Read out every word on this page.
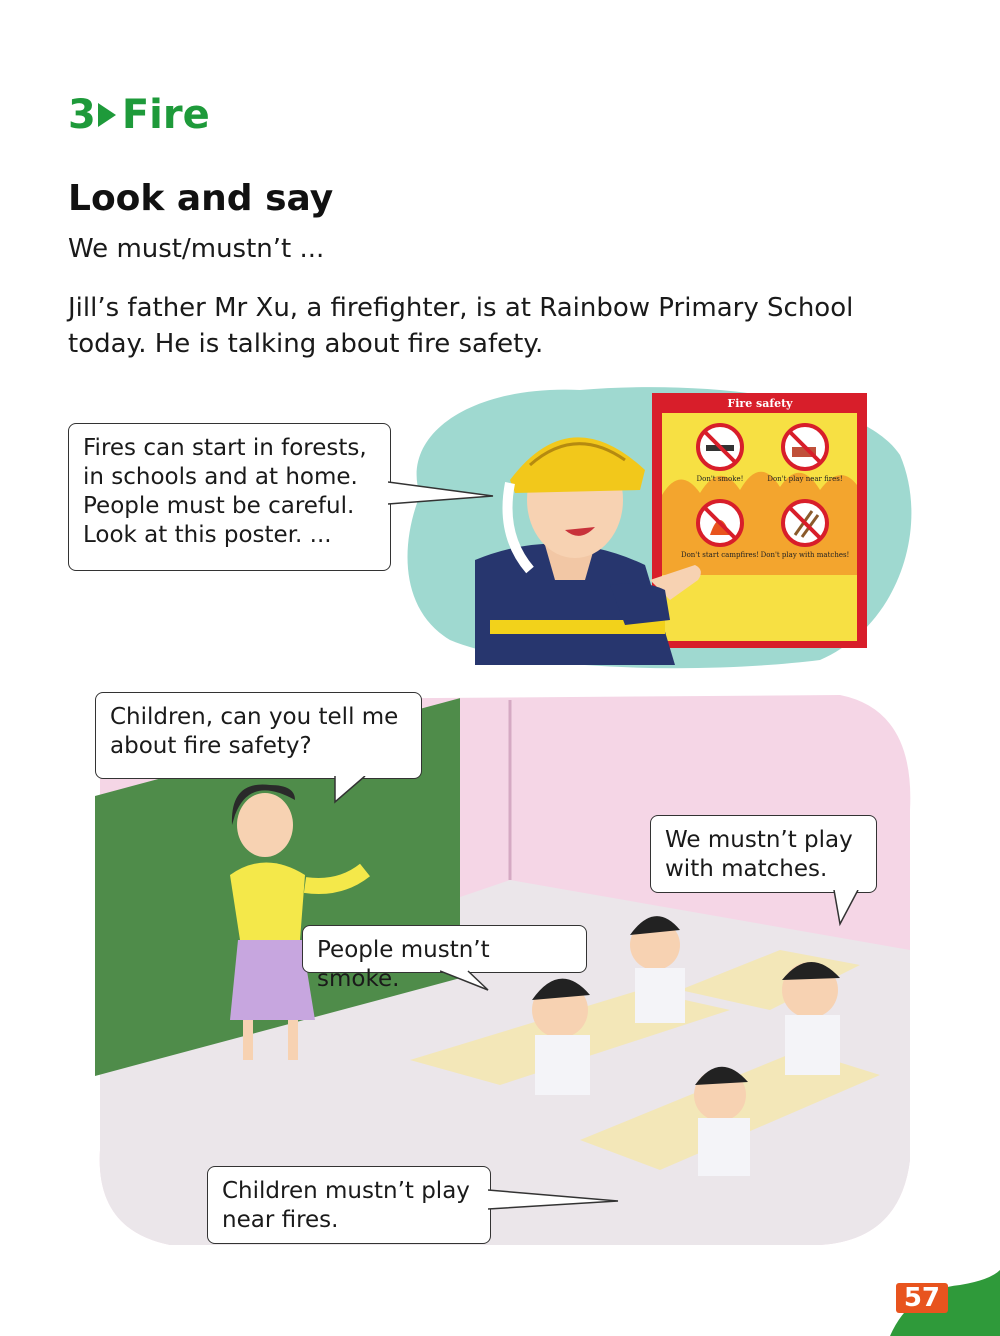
3 Fire
Look and say
We must/mustn’t ...
Jill’s father Mr Xu, a firefighter, is at Rainbow Primary School today. He is talking about fire safety.
Fire safety
Don't smoke!	Don't play near fires!
Don't start campfires! Don't play with matches!
Fires can start in forests,
in schools and at home.
People must be careful.
Look at this poster. ...
Children, can you tell me
about fire safety?
We mustn’t play
with matches.
People mustn’t smoke.
Children mustn’t play
near fires.
57
